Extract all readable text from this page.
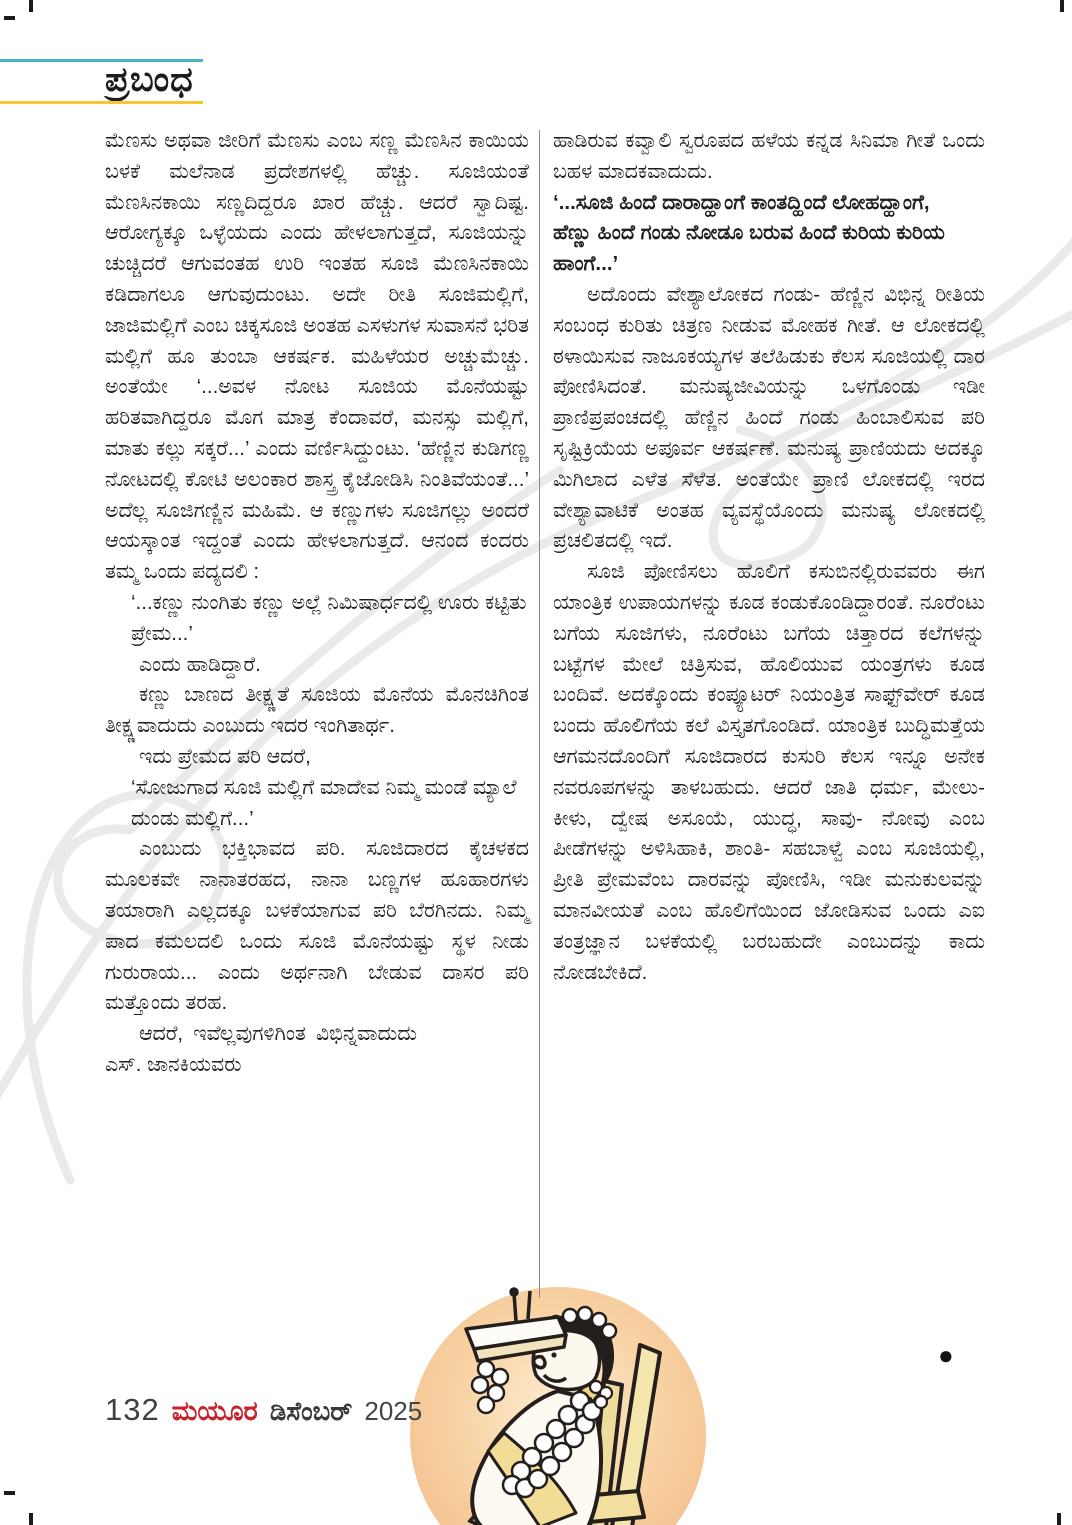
ಪ್ರಬಂಧ
ಮೆಣಸು ಅಥವಾ ಜೀರಿಗೆ ಮೆಣಸು ಎಂಬ ಸಣ್ಣ ಮೆಣಸಿನ ಕಾಯಿಯ ಬಳಕೆ ಮಲೆನಾಡ ಪ್ರದೇಶಗಳಲ್ಲಿ ಹೆಚ್ಚು. ಸೂಜಿಯಂತೆ ಮೆಣಸಿನಕಾಯಿ ಸಣ್ಣದಿದ್ದರೂ ಖಾರ ಹೆಚ್ಚು. ಆದರೆ ಸ್ವಾದಿಷ್ಟ. ಆರೋಗ್ಯಕ್ಕೂ ಒಳ್ಳೆಯದು ಎಂದು ಹೇಳಲಾಗುತ್ತದೆ, ಸೂಜಿಯನ್ನು ಚುಚ್ಚಿದರೆ ಆಗುವಂತಹ ಉರಿ ಇಂತಹ ಸೂಜಿ ಮೆಣಸಿನಕಾಯಿ ಕಡಿದಾಗಲೂ ಆಗುವುದುಂಟು. ಅದೇ ರೀತಿ ಸೂಜಿಮಲ್ಲಿಗೆ, ಜಾಜಿಮಲ್ಲಿಗೆ ಎಂಬ ಚಿಕ್ಕಸೂಜಿ ಅಂತಹ ಎಸಳುಗಳ ಸುವಾಸನೆ ಭರಿತ ಮಲ್ಲಿಗೆ ಹೂ ತುಂಬಾ ಆಕರ್ಷಕ. ಮಹಿಳೆಯರ ಅಚ್ಚುಮೆಚ್ಚು. ಅಂತೆಯೇ ‘...ಅವಳ ನೋಟ ಸೂಜಿಯ ಮೊನೆಯಷ್ಟು ಹರಿತವಾಗಿದ್ದರೂ ಮೊಗ ಮಾತ್ರ ಕೆಂದಾವರೆ, ಮನಸ್ಸು ಮಲ್ಲಿಗೆ, ಮಾತು ಕಲ್ಲು ಸಕ್ಕರೆ...’ ಎಂದು ವರ್ಣಿಸಿದ್ದುಂಟು. ‘ಹೆಣ್ಣಿನ ಕುಡಿಗಣ್ಣ ನೋಟದಲ್ಲಿ ಕೋಟಿ ಅಲಂಕಾರ ಶಾಸ್ತ್ರ ಕೈಜೋಡಿಸಿ ನಿಂತಿವೆಯಂತೆ...’ ಅದೆಲ್ಲ ಸೂಜಿಗಣ್ಣಿನ ಮಹಿಮೆ. ಆ ಕಣ್ಣುಗಳು ಸೂಜಿಗಲ್ಲು ಅಂದರೆ ಆಯಸ್ಕಾಂತ ಇದ್ದಂತೆ ಎಂದು ಹೇಳಲಾಗುತ್ತದೆ. ಆನಂದ ಕಂದರು ತಮ್ಮ ಒಂದು ಪದ್ಯದಲಿ :
‘...ಕಣ್ಣು ನುಂಗಿತು ಕಣ್ಣು ಅಲ್ಲೆ ನಿಮಿಷಾರ್ಧದಲ್ಲಿ ಊರು ಕಟ್ಟಿತು ಪ್ರೇಮ...’
ಎಂದು ಹಾಡಿದ್ದಾರೆ.
ಕಣ್ಣು ಬಾಣದ ತೀಕ್ಷ್ಣತೆ ಸೂಜಿಯ ಮೊನೆಯ ಮೊನಚಿಗಿಂತ ತೀಕ್ಷ್ಣವಾದುದು ಎಂಬುದು ಇದರ ಇಂಗಿತಾರ್ಥ.
ಇದು ಪ್ರೇಮದ ಪರಿ ಆದರೆ,
‘ಸೋಜುಗಾದ ಸೂಜಿ ಮಲ್ಲಿಗೆ ಮಾದೇವ ನಿಮ್ಮ ಮಂಡೆ ಮ್ಯಾಲೆ ದುಂಡು ಮಲ್ಲಿಗೆ...’
ಎಂಬುದು ಭಕ್ತಿಭಾವದ ಪರಿ. ಸೂಜಿದಾರದ ಕೈಚಳಕದ ಮೂಲಕವೇ ನಾನಾತರಹದ, ನಾನಾ ಬಣ್ಣಗಳ ಹೂಹಾರಗಳು ತಯಾರಾಗಿ ಎಲ್ಲದಕ್ಕೂ ಬಳಕೆಯಾಗುವ ಪರಿ ಬೆರಗಿನದು. ನಿಮ್ಮ ಪಾದ ಕಮಲದಲಿ ಒಂದು ಸೂಜಿ ಮೊನೆಯಷ್ಟು ಸ್ಥಳ ನೀಡು ಗುರುರಾಯ... ಎಂದು ಅರ್ಥನಾಗಿ ಬೇಡುವ ದಾಸರ ಪರಿ ಮತ್ತೊಂದು ತರಹ.
ಆದರೆ, ಇವೆಲ್ಲವುಗಳಿಗಿಂತ ವಿಭಿನ್ನವಾದುದು ಎಸ್. ಜಾನಕಿಯವರು
ಹಾಡಿರುವ ಕವ್ವಾಲಿ ಸ್ವರೂಪದ ಹಳೆಯ ಕನ್ನಡ ಸಿನಿಮಾ ಗೀತೆ ಒಂದು ಬಹಳ ಮಾದಕವಾದುದು.
‘...ಸೂಜಿ ಹಿಂದೆ ದಾರಾದ್ಹಾಂಗೆ ಕಾಂತದ್ಹಿಂದೆ ಲೋಹದ್ಹಾಂಗೆ,
ಹೆಣ್ಣು ಹಿಂದೆ ಗಂಡು ನೋಡೂ ಬರುವ ಹಿಂದೆ ಕುರಿಯ ಕುರಿಯ ಹಾಂಗೆ...’
ಅದೊಂದು ವೇಶ್ಯಾಲೋಕದ ಗಂಡು- ಹೆಣ್ಣಿನ ವಿಭಿನ್ನ ರೀತಿಯ ಸಂಬಂಧ ಕುರಿತು ಚಿತ್ರಣ ನೀಡುವ ಮೋಹಕ ಗೀತೆ. ಆ ಲೋಕದಲ್ಲಿ ಠಳಾಯಿಸುವ ನಾಜೂಕಯ್ಯಗಳ ತಲೆಹಿಡುಕು ಕೆಲಸ ಸೂಜಿಯಲ್ಲಿ ದಾರ ಪೋಣಿಸಿದಂತೆ. ಮನುಷ್ಯಜೀವಿಯನ್ನು ಒಳಗೊಂಡು ಇಡೀ ಪ್ರಾಣಿಪ್ರಪಂಚದಲ್ಲಿ ಹೆಣ್ಣಿನ ಹಿಂದೆ ಗಂಡು ಹಿಂಬಾಲಿಸುವ ಪರಿ ಸೃಷ್ಟಿಕ್ರಿಯೆಯ ಅಪೂರ್ವ ಆಕರ್ಷಣೆ. ಮನುಷ್ಯ ಪ್ರಾಣಿಯದು ಅದಕ್ಕೂ ಮಿಗಿಲಾದ ಎಳೆತ ಸೆಳೆತ. ಅಂತೆಯೇ ಪ್ರಾಣಿ ಲೋಕದಲ್ಲಿ ಇರದ ವೇಶ್ಯಾವಾಟಿಕೆ ಅಂತಹ ವ್ಯವಸ್ಥೆಯೊಂದು ಮನುಷ್ಯ ಲೋಕದಲ್ಲಿ ಪ್ರಚಲಿತದಲ್ಲಿ ಇದೆ.
ಸೂಜಿ ಪೋಣಿಸಲು ಹೊಲಿಗೆ ಕಸುಬಿನಲ್ಲಿರುವವರು ಈಗ ಯಾಂತ್ರಿಕ ಉಪಾಯಗಳನ್ನು ಕೂಡ ಕಂಡುಕೊಂಡಿದ್ದಾರಂತೆ. ನೂರೆಂಟು ಬಗೆಯ ಸೂಜಿಗಳು, ನೂರೆಂಟು ಬಗೆಯ ಚಿತ್ತಾರದ ಕಲೆಗಳನ್ನು ಬಟ್ಟೆಗಳ ಮೇಲೆ ಚಿತ್ರಿಸುವ, ಹೊಲಿಯುವ ಯಂತ್ರಗಳು ಕೂಡ ಬಂದಿವೆ. ಅದಕ್ಕೊಂದು ಕಂಪ್ಯೂಟರ್ ನಿಯಂತ್ರಿತ ಸಾಫ್ಟ್‌ವೇರ್ ಕೂಡ ಬಂದು ಹೊಲಿಗೆಯ ಕಲೆ ವಿಸ್ತೃತಗೊಂಡಿದೆ. ಯಾಂತ್ರಿಕ ಬುದ್ಧಿಮತ್ತೆಯ ಆಗಮನದೊಂದಿಗೆ ಸೂಜಿದಾರದ ಕುಸುರಿ ಕೆಲಸ ಇನ್ನೂ ಅನೇಕ ನವರೂಪಗಳನ್ನು ತಾಳಬಹುದು. ಆದರೆ ಜಾತಿ ಧರ್ಮ, ಮೇಲು- ಕೀಳು, ದ್ವೇಷ ಅಸೂಯೆ, ಯುದ್ಧ, ಸಾವು- ನೋವು ಎಂಬ ಪೀಡೆಗಳನ್ನು ಅಳಿಸಿಹಾಕಿ, ಶಾಂತಿ- ಸಹಬಾಳ್ವೆ ಎಂಬ ಸೂಜಿಯಲ್ಲಿ, ಪ್ರೀತಿ ಪ್ರೇಮವೆಂಬ ದಾರವನ್ನು ಪೋಣಿಸಿ, ಇಡೀ ಮನುಕುಲವನ್ನು ಮಾನವೀಯತೆ ಎಂಬ ಹೊಲಿಗೆಯಿಂದ ಜೋಡಿಸುವ ಒಂದು ಎಐ ತಂತ್ರಜ್ಞಾನ ಬಳಕೆಯಲ್ಲಿ ಬರಬಹುದೇ ಎಂಬುದನ್ನು ಕಾದು ನೋಡಬೇಕಿದೆ.
●
132 ಮಯೂರ ಡಿಸೆಂಬರ್ 2025
